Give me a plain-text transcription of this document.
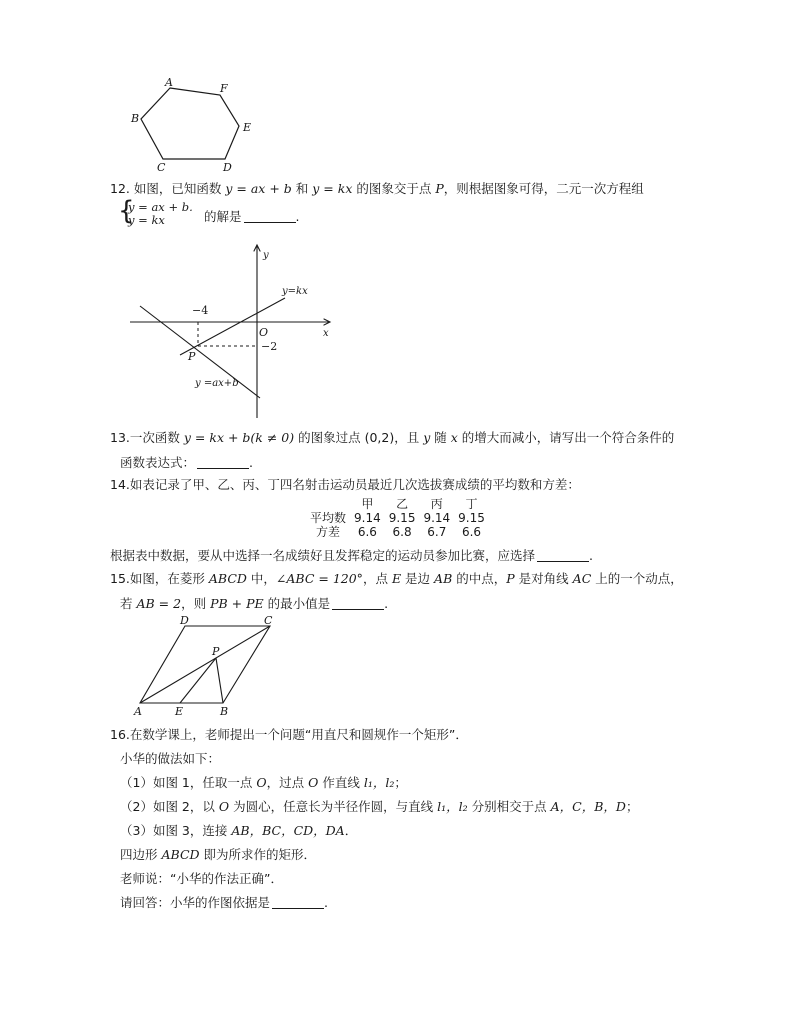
A	F
B
E
C	D
12. 如图，已知函数 y = ax + b 和 y = kx 的图象交于点 P，则根据图象可得，二元一次方程组
{
y = ax + b.
y = kx	的解是	.
y
x
O
P
−4
−2
y=kx
y =ax+b
13.一次函数 y = kx + b(k ≠ 0) 的图象过点 (0,2)，且 y 随 x 的增大而减小，请写出一个符合条件的
函数表达式：	.
14.如表记录了甲、乙、丙、丁四名射击运动员最近几次选拔赛成绩的平均数和方差：
	甲	乙	丙	丁
平均数	9.14	9.15	9.14	9.15
方差	6.6	6.8	6.7	6.6
根据表中数据，要从中选择一名成绩好且发挥稳定的运动员参加比赛，应选择	.
15.如图，在菱形 ABCD 中，∠ABC = 120°，点 E 是边 AB 的中点，P 是对角线 AC 上的一个动点，
若 AB = 2，则 PB + PE 的最小值是	.
D	C
P
A	E	B
16.在数学课上，老师提出一个问题“用直尺和圆规作一个矩形”．
小华的做法如下：
（1）如图 1，任取一点 O，过点 O 作直线 l₁，l₂；
（2）如图 2，以 O 为圆心，任意长为半径作圆，与直线 l₁，l₂ 分别相交于点 A，C，B，D；
（3）如图 3，连接 AB，BC，CD，DA．
四边形 ABCD 即为所求作的矩形．
老师说：“小华的作法正确”．
请回答：小华的作图依据是	.
